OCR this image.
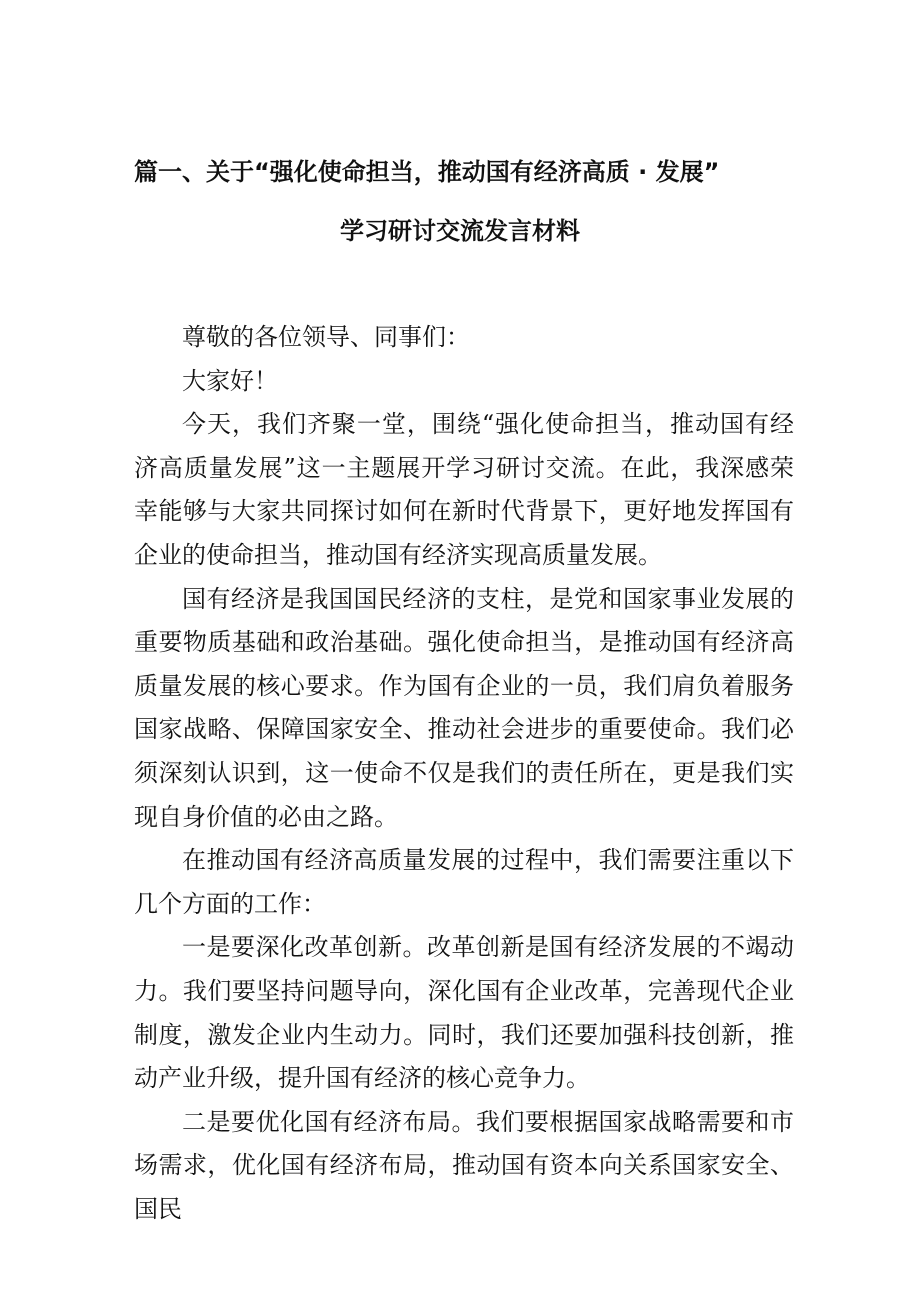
篇一、关于“强化使命担当，推动国有经济高质 · 发展”
学习研讨交流发言材料

尊敬的各位领导、同事们：

大家好！

今天，我们齐聚一堂，围绕“强化使命担当，推动国有经济高质量发展”这一主题展开学习研讨交流。在此，我深感荣幸能够与大家共同探讨如何在新时代背景下，更好地发挥国有企业的使命担当，推动国有经济实现高质量发展。

国有经济是我国国民经济的支柱，是党和国家事业发展的重要物质基础和政治基础。强化使命担当，是推动国有经济高质量发展的核心要求。作为国有企业的一员，我们肩负着服务国家战略、保障国家安全、推动社会进步的重要使命。我们必须深刻认识到，这一使命不仅是我们的责任所在，更是我们实现自身价值的必由之路。

在推动国有经济高质量发展的过程中，我们需要注重以下几个方面的工作：

一是要深化改革创新。改革创新是国有经济发展的不竭动力。我们要坚持问题导向，深化国有企业改革，完善现代企业制度，激发企业内生动力。同时，我们还要加强科技创新，推动产业升级，提升国有经济的核心竞争力。

二是要优化国有经济布局。我们要根据国家战略需要和市场需求，优化国有经济布局，推动国有资本向关系国家安全、国民
